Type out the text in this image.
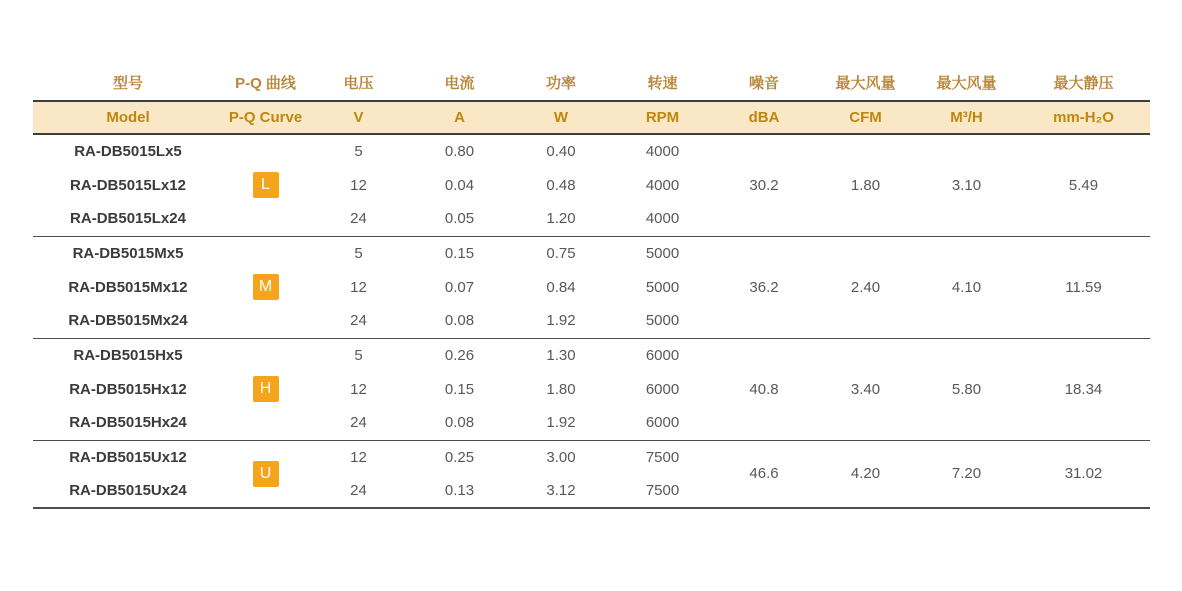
型号	P-Q 曲线	电压	电流	功率	转速	噪音	最大风量	最大风量	最大静压
Model	P-Q Curve	V	A	W	RPM	dBA	CFM	M³/H	mm-H₂O
RA-DB5015Lx5	L	5	0.80	0.40	4000	30.2	1.80	3.10	5.49
RA-DB5015Lx12		12	0.04	0.48	4000				
RA-DB5015Lx24		24	0.05	1.20	4000				
RA-DB5015Mx5	M	5	0.15	0.75	5000	36.2	2.40	4.10	11.59
RA-DB5015Mx12		12	0.07	0.84	5000				
RA-DB5015Mx24		24	0.08	1.92	5000				
RA-DB5015Hx5	H	5	0.26	1.30	6000	40.8	3.40	5.80	18.34
RA-DB5015Hx12		12	0.15	1.80	6000				
RA-DB5015Hx24		24	0.08	1.92	6000				
RA-DB5015Ux12	U	12	0.25	3.00	7500	46.6	4.20	7.20	31.02
RA-DB5015Ux24		24	0.13	3.12	7500				
